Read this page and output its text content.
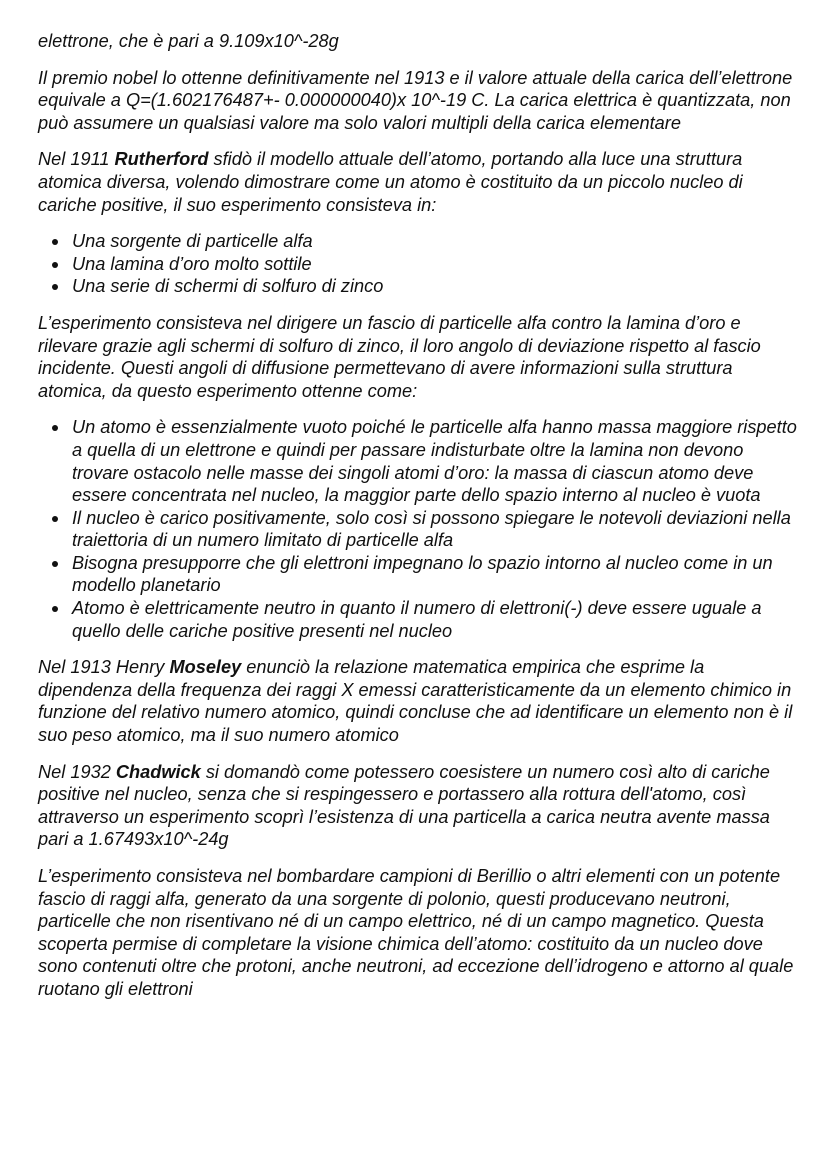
elettrone, che è pari a 9.109x10^-28g

Il premio nobel lo ottenne definitivamente nel 1913 e il valore attuale della carica dell’elettrone equivale a Q=(1.602176487+- 0.000000040)x 10^-19 C. La carica elettrica è quantizzata, non può assumere un qualsiasi valore ma solo valori multipli della carica elementare

Nel 1911 Rutherford sfidò il modello attuale dell’atomo, portando alla luce una struttura atomica diversa, volendo dimostrare come un atomo è costituito da un piccolo nucleo di cariche positive, il suo esperimento consisteva in:

Una sorgente di particelle alfa
Una lamina d’oro molto sottile
Una serie di schermi di solfuro di zinco

L’esperimento consisteva nel dirigere un fascio di particelle alfa contro la lamina d’oro e rilevare grazie agli schermi di solfuro di zinco, il loro angolo di deviazione rispetto al fascio incidente. Questi angoli di diffusione permettevano di avere informazioni sulla struttura atomica, da questo esperimento ottenne come:

Un atomo è essenzialmente vuoto poiché le particelle alfa hanno massa maggiore rispetto a quella di un elettrone e quindi per passare indisturbate oltre la lamina non devono trovare ostacolo nelle masse dei singoli atomi d’oro: la massa di ciascun atomo deve essere concentrata nel nucleo, la maggior parte dello spazio interno al nucleo è vuota
Il nucleo è carico positivamente, solo così si possono spiegare le notevoli deviazioni nella traiettoria di un numero limitato di particelle alfa
Bisogna presupporre che gli elettroni impegnano lo spazio intorno al nucleo come in un modello planetario
Atomo è elettricamente neutro in quanto il numero di elettroni(-) deve essere uguale a quello delle cariche positive presenti nel nucleo

Nel 1913 Henry Moseley enunciò la relazione matematica empirica che esprime la dipendenza della frequenza dei raggi X emessi caratteristicamente da un elemento chimico in funzione del relativo numero atomico, quindi concluse che ad identificare un elemento non è il suo peso atomico, ma il suo numero atomico

Nel 1932 Chadwick si domandò come potessero coesistere un numero così alto di cariche positive nel nucleo, senza che si respingessero e portassero alla rottura dell'atomo, così attraverso un esperimento scoprì l’esistenza di una particella a carica neutra avente massa pari a 1.67493x10^-24g

L’esperimento consisteva nel bombardare campioni di Berillio o altri elementi con un potente fascio di raggi alfa, generato da una sorgente di polonio, questi producevano neutroni, particelle che non risentivano né di un campo elettrico, né di un campo magnetico. Questa scoperta permise di completare la visione chimica dell’atomo: costituito da un nucleo dove sono contenuti oltre che protoni, anche neutroni, ad eccezione dell’idrogeno e attorno al quale ruotano gli elettroni
